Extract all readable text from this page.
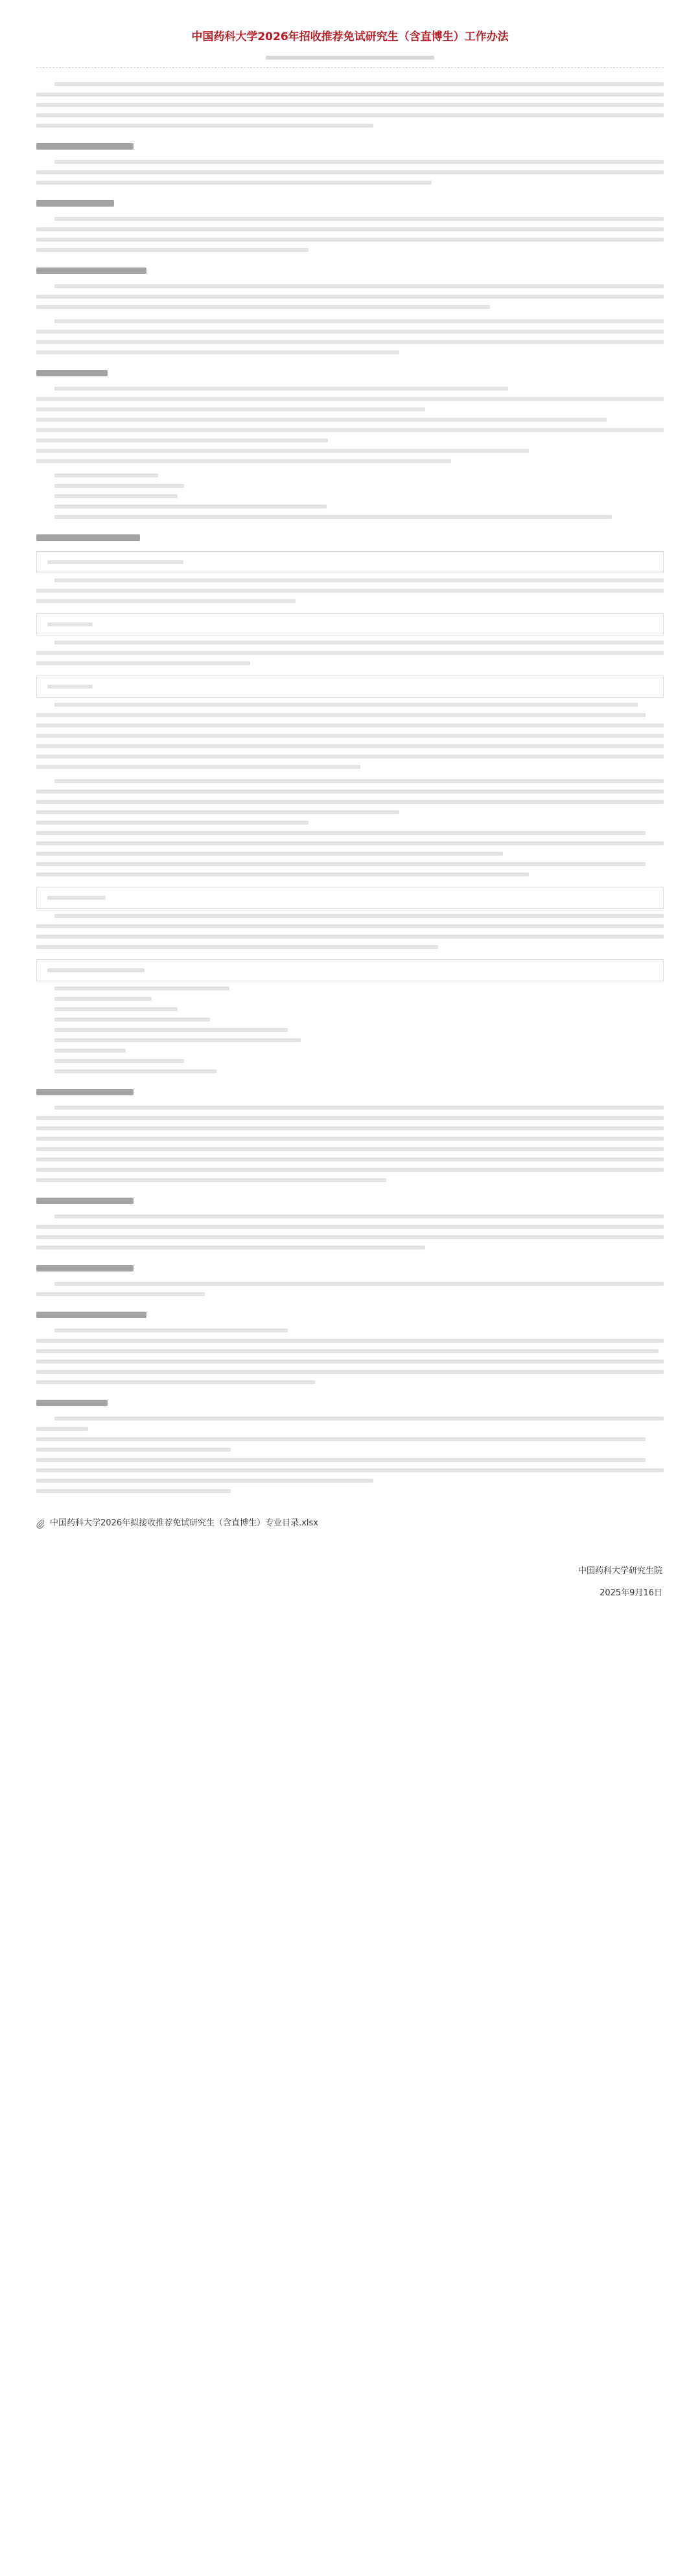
中国药科大学2026年招收推荐免试研究生（含直博生）工作办法
中国药科大学2026年拟接收推荐免试研究生（含直博生）专业目录.xlsx
中国药科大学研究生院
2025年9月16日
